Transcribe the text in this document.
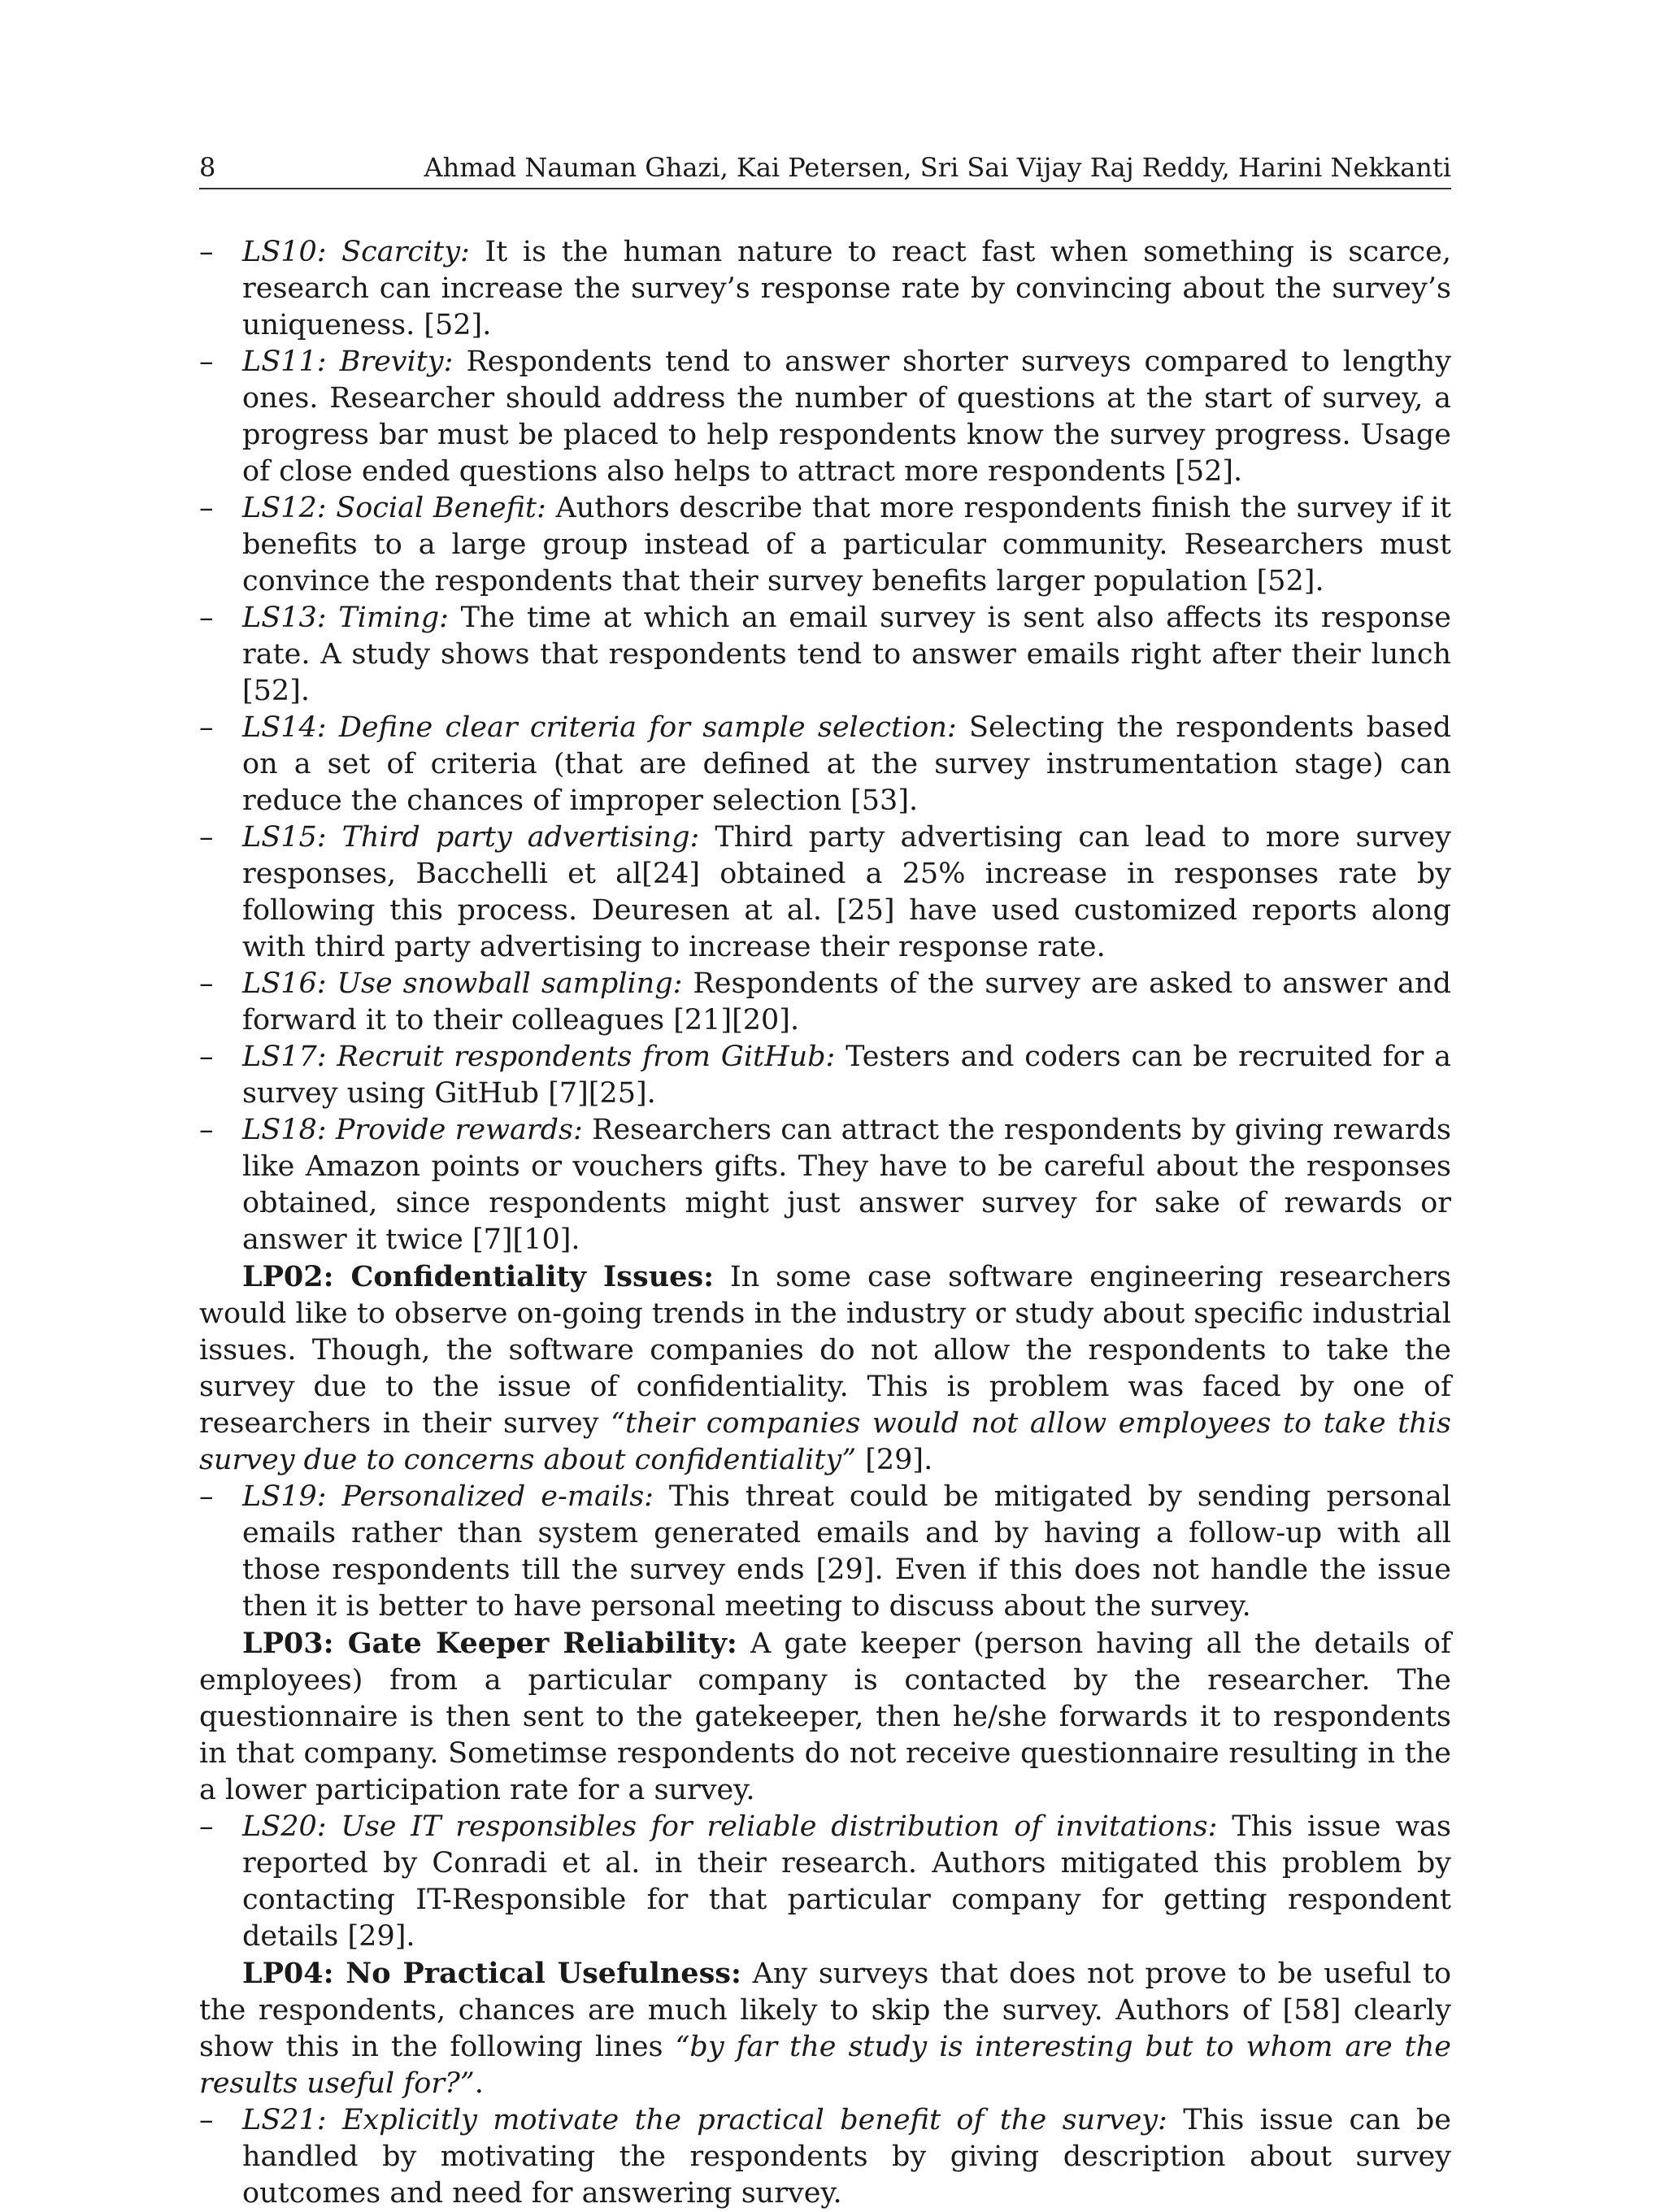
8	Ahmad Nauman Ghazi, Kai Petersen, Sri Sai Vijay Raj Reddy, Harini Nekkanti
– LS10: Scarcity: It is the human nature to react fast when something is scarce, research can increase the survey’s response rate by convincing about the survey’s uniqueness. [52].
– LS11: Brevity: Respondents tend to answer shorter surveys compared to lengthy ones. Researcher should address the number of questions at the start of survey, a progress bar must be placed to help respondents know the survey progress. Usage of close ended questions also helps to attract more respondents [52].
– LS12: Social Benefit: Authors describe that more respondents finish the survey if it benefits to a large group instead of a particular community. Researchers must convince the respondents that their survey benefits larger population [52].
– LS13: Timing: The time at which an email survey is sent also affects its response rate. A study shows that respondents tend to answer emails right after their lunch [52].
– LS14: Define clear criteria for sample selection: Selecting the respondents based on a set of criteria (that are defined at the survey instrumentation stage) can reduce the chances of improper selection [53].
– LS15: Third party advertising: Third party advertising can lead to more survey responses, Bacchelli et al[24] obtained a 25% increase in responses rate by following this process. Deuresen at al. [25] have used customized reports along with third party advertising to increase their response rate.
– LS16: Use snowball sampling: Respondents of the survey are asked to answer and forward it to their colleagues [21][20].
– LS17: Recruit respondents from GitHub: Testers and coders can be recruited for a survey using GitHub [7][25].
– LS18: Provide rewards: Researchers can attract the respondents by giving rewards like Amazon points or vouchers gifts. They have to be careful about the responses obtained, since respondents might just answer survey for sake of rewards or answer it twice [7][10].

LP02: Confidentiality Issues: In some case software engineering researchers would like to observe on-going trends in the industry or study about specific industrial issues. Though, the software companies do not allow the respondents to take the survey due to the issue of confidentiality. This is problem was faced by one of researchers in their survey “their companies would not allow employees to take this survey due to concerns about confidentiality” [29].

– LS19: Personalized e-mails: This threat could be mitigated by sending personal emails rather than system generated emails and by having a follow-up with all those respondents till the survey ends [29]. Even if this does not handle the issue then it is better to have personal meeting to discuss about the survey.

LP03: Gate Keeper Reliability: A gate keeper (person having all the details of employees) from a particular company is contacted by the researcher. The questionnaire is then sent to the gatekeeper, then he/she forwards it to respondents in that company. Sometimse respondents do not receive questionnaire resulting in the a lower participation rate for a survey.

– LS20: Use IT responsibles for reliable distribution of invitations: This issue was reported by Conradi et al. in their research. Authors mitigated this problem by contacting IT-Responsible for that particular company for getting respondent details [29].

LP04: No Practical Usefulness: Any surveys that does not prove to be useful to the respondents, chances are much likely to skip the survey. Authors of [58] clearly show this in the following lines “by far the study is interesting but to whom are the results useful for?”.

– LS21: Explicitly motivate the practical benefit of the survey: This issue can be handled by motivating the respondents by giving description about survey outcomes and need for answering survey.
